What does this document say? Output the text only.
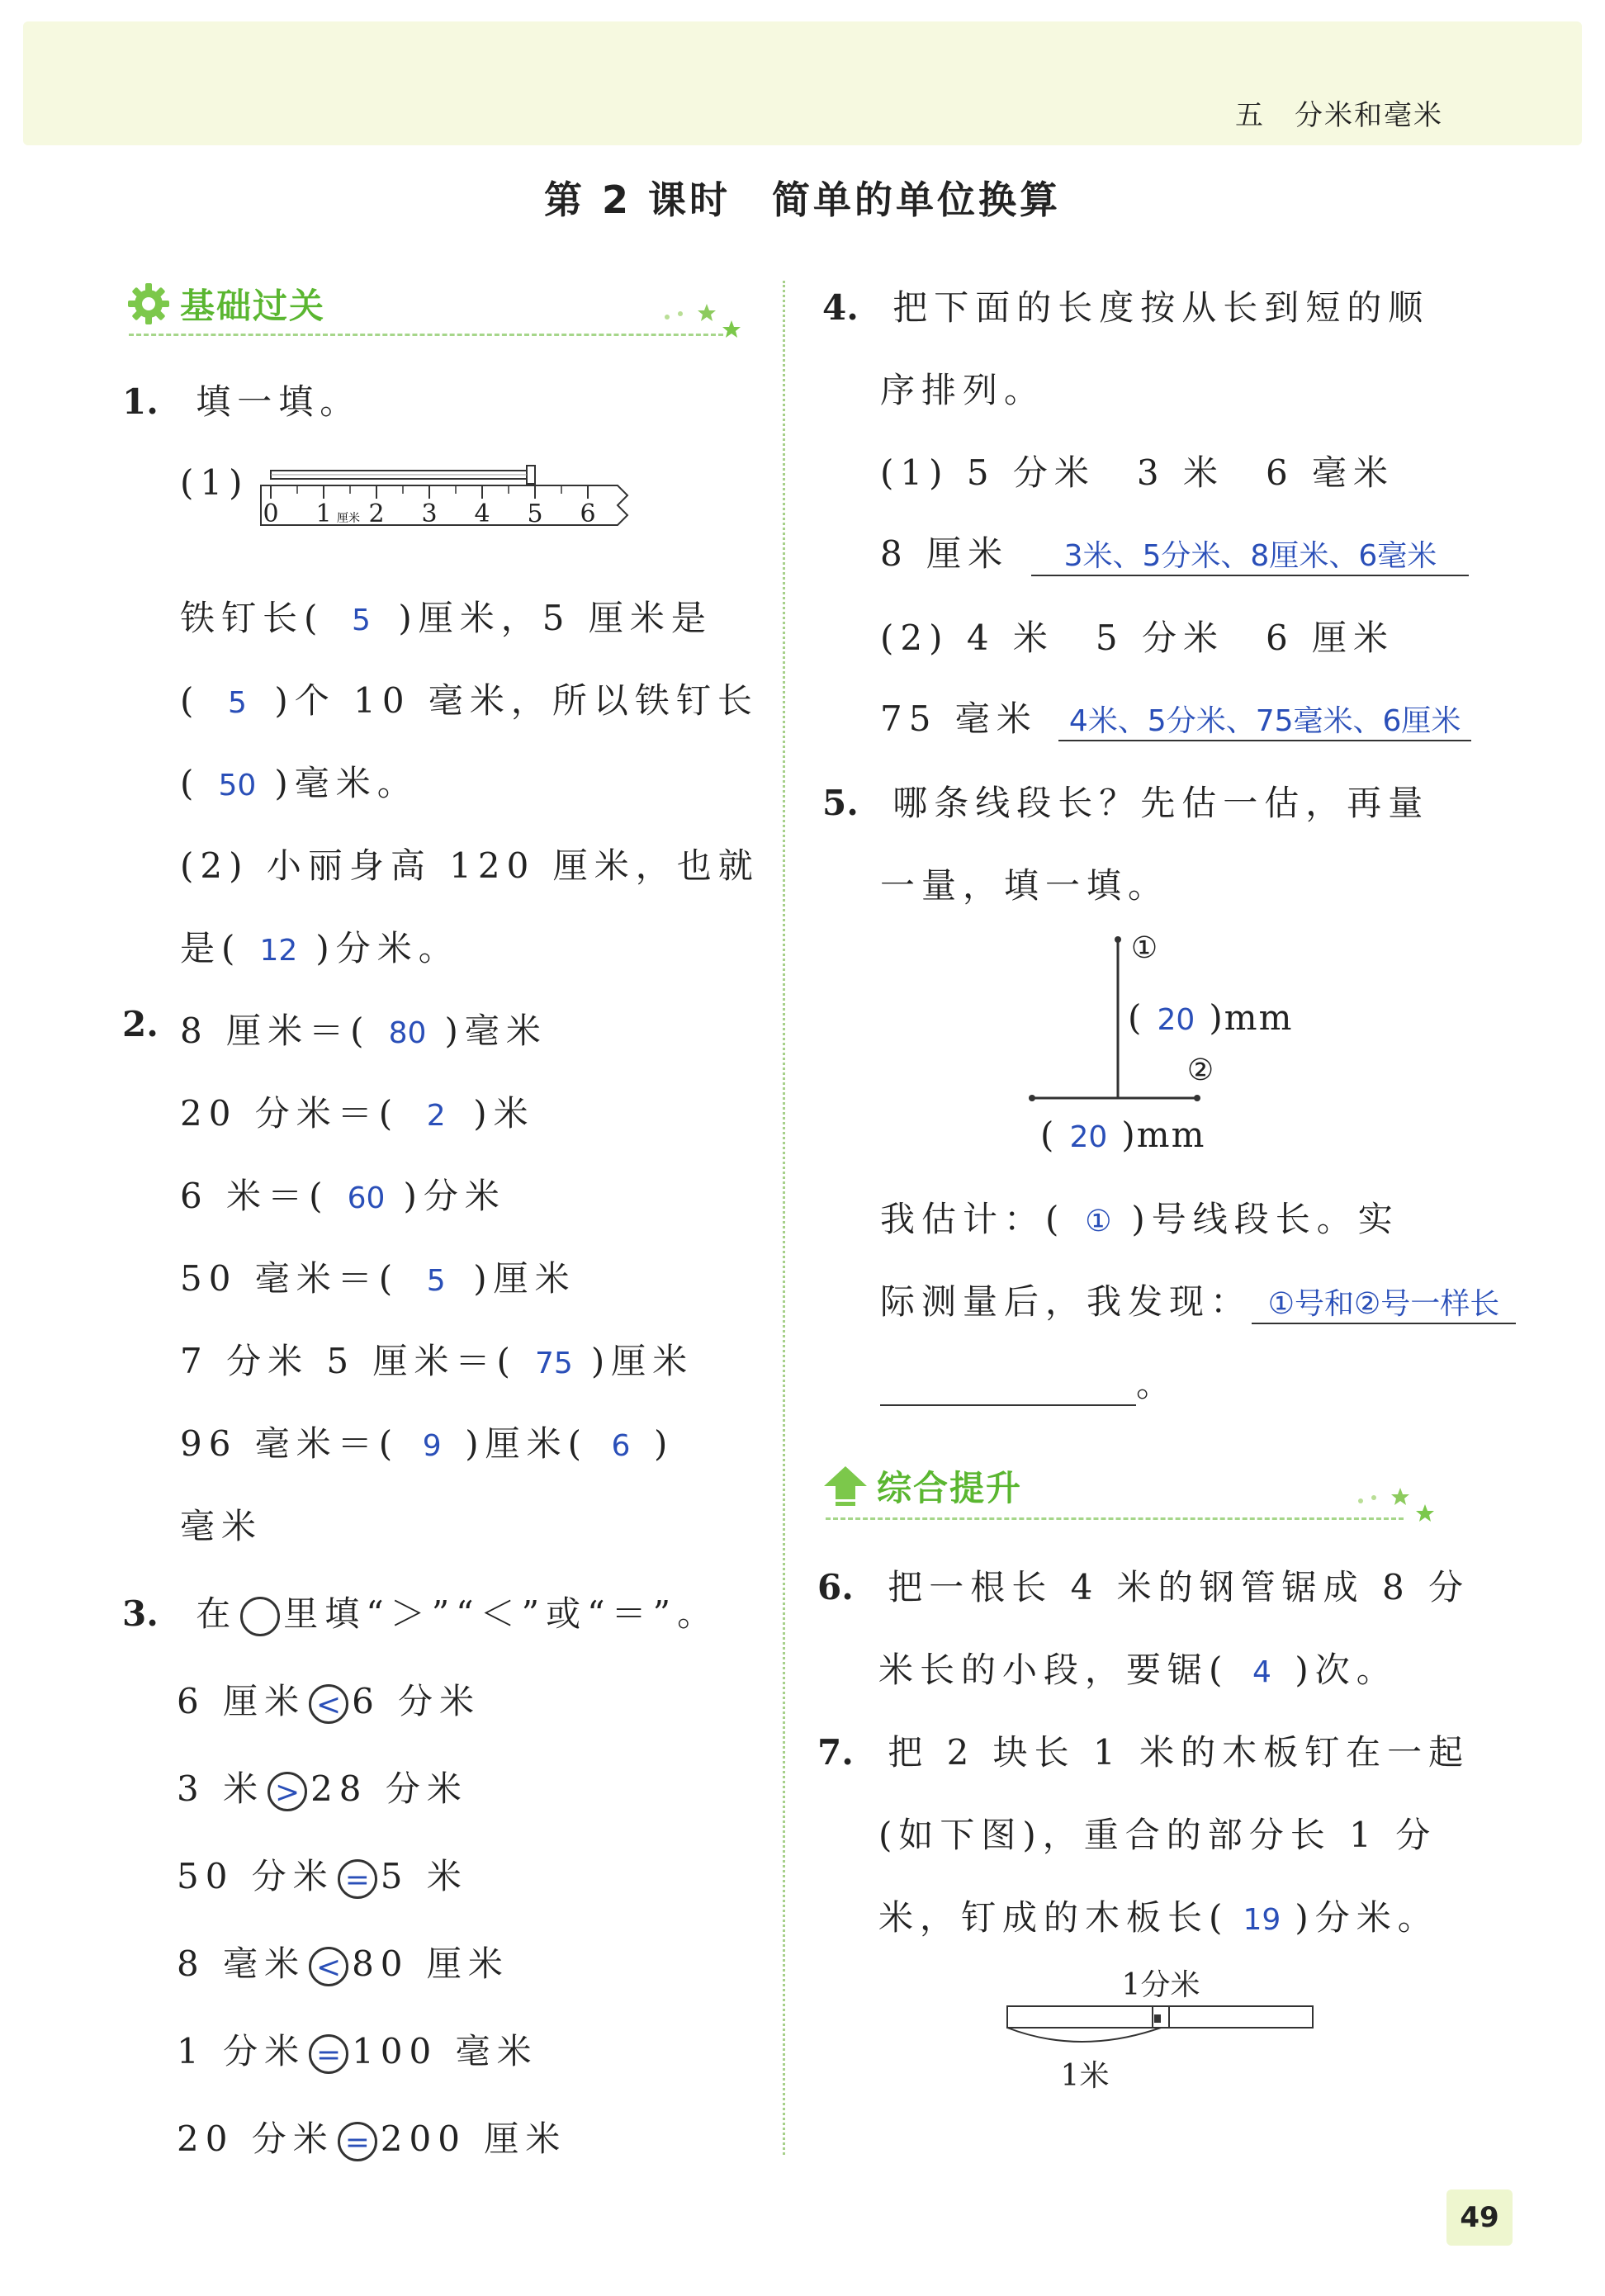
五　分米和毫米
第 2 课时　简单的单位换算
基础过关
1. 填一填。
(1)
0 1 2 3 4 5 6
厘米
铁钉长( 5 )厘米，5 厘米是
( 5 )个 10 毫米，所以铁钉长
( 50 )毫米。
(2) 小丽身高 120 厘米，也就
是( 12 )分米。
2. 8 厘米＝( 80 )毫米
20 分米＝( 2 )米
6 米＝( 60 )分米
50 毫米＝( 5 )厘米
7 分米 5 厘米＝( 75 )厘米
96 毫米＝( 9 )厘米( 6 )
毫米
3. 在 里填“＞”“＜”或“＝”。
6 厘米 < 6 分米
3 米 > 28 分米
50 分米 = 5 米
8 毫米 < 80 厘米
1 分米 = 100 毫米
20 分米 = 200 厘米
4. 把下面的长度按从长到短的顺
序排列。
(1) 5 分米　3 米　6 毫米
8 厘米 3米、5分米、8厘米、6毫米
(2) 4 米　5 分米　6 厘米
75 毫米 4米、5分米、75毫米、6厘米
5. 哪条线段长？先估一估，再量
一量，填一填。
①
②
( 20 )mm
( 20 )mm
我估计：( ① )号线段长。实
际测量后，我发现： ①号和②号一样长
。
综合提升
6. 把一根长 4 米的钢管锯成 8 分
米长的小段，要锯( 4 )次。
7. 把 2 块长 1 米的木板钉在一起
(如下图)，重合的部分长 1 分
米，钉成的木板长( 19 )分米。
1分米
1米
49
